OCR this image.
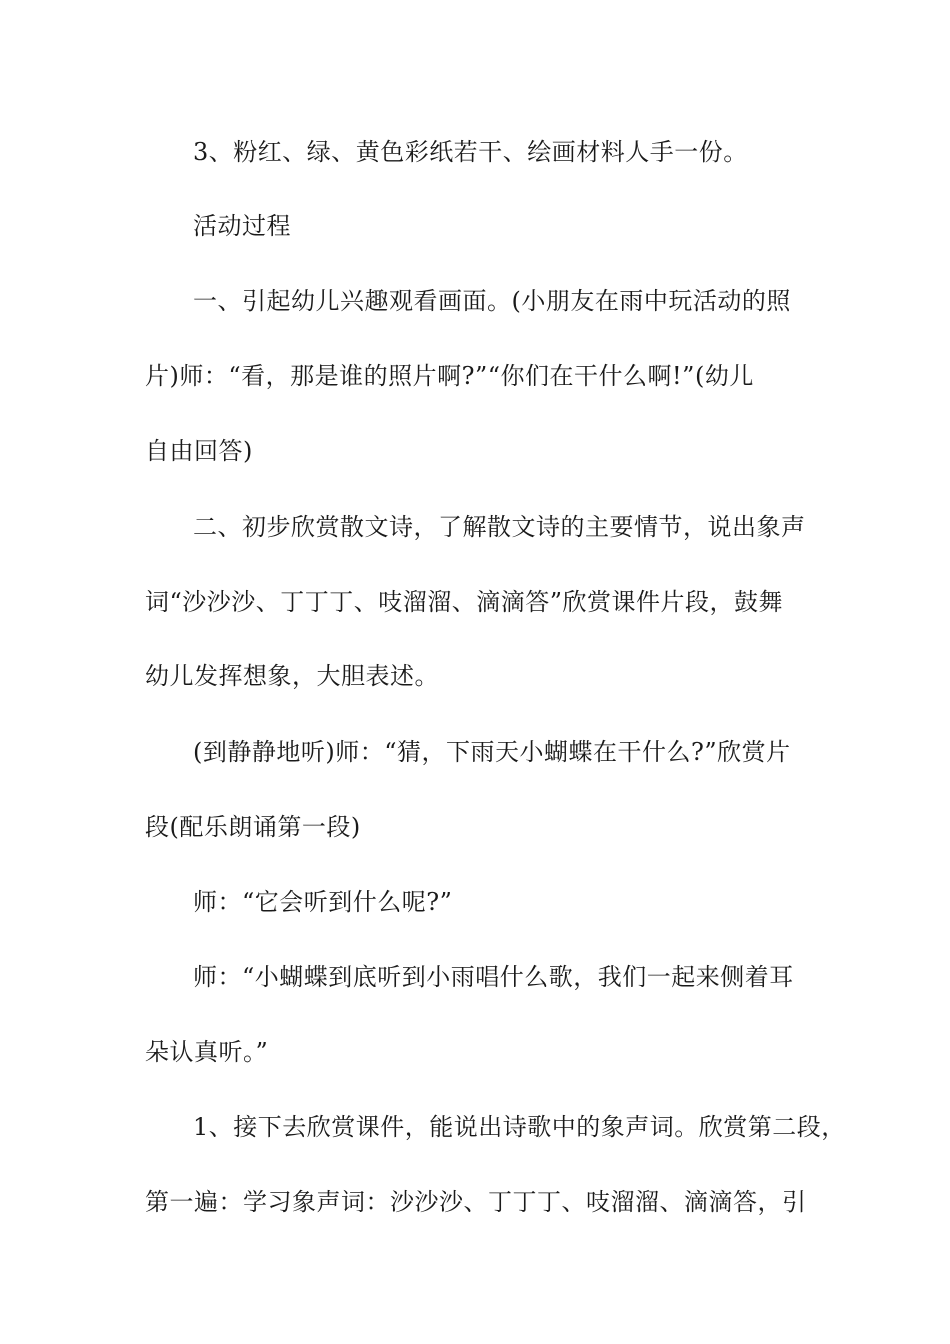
3、粉红、绿、黄色彩纸若干、绘画材料人手一份。
活动过程
一、引起幼儿兴趣观看画面。(小朋友在雨中玩活动的照
片)师：“看，那是谁的照片啊?”“你们在干什么啊!”(幼儿
自由回答)
二、初步欣赏散文诗，了解散文诗的主要情节，说出象声
词“沙沙沙、丁丁丁、吱溜溜、滴滴答”欣赏课件片段，鼓舞
幼儿发挥想象，大胆表述。
(到静静地听)师：“猜，下雨天小蝴蝶在干什么?”欣赏片
段(配乐朗诵第一段)
师：“它会听到什么呢?”
师：“小蝴蝶到底听到小雨唱什么歌，我们一起来侧着耳
朵认真听。”
1、接下去欣赏课件，能说出诗歌中的象声词。欣赏第二段，
第一遍：学习象声词：沙沙沙、丁丁丁、吱溜溜、滴滴答，引
